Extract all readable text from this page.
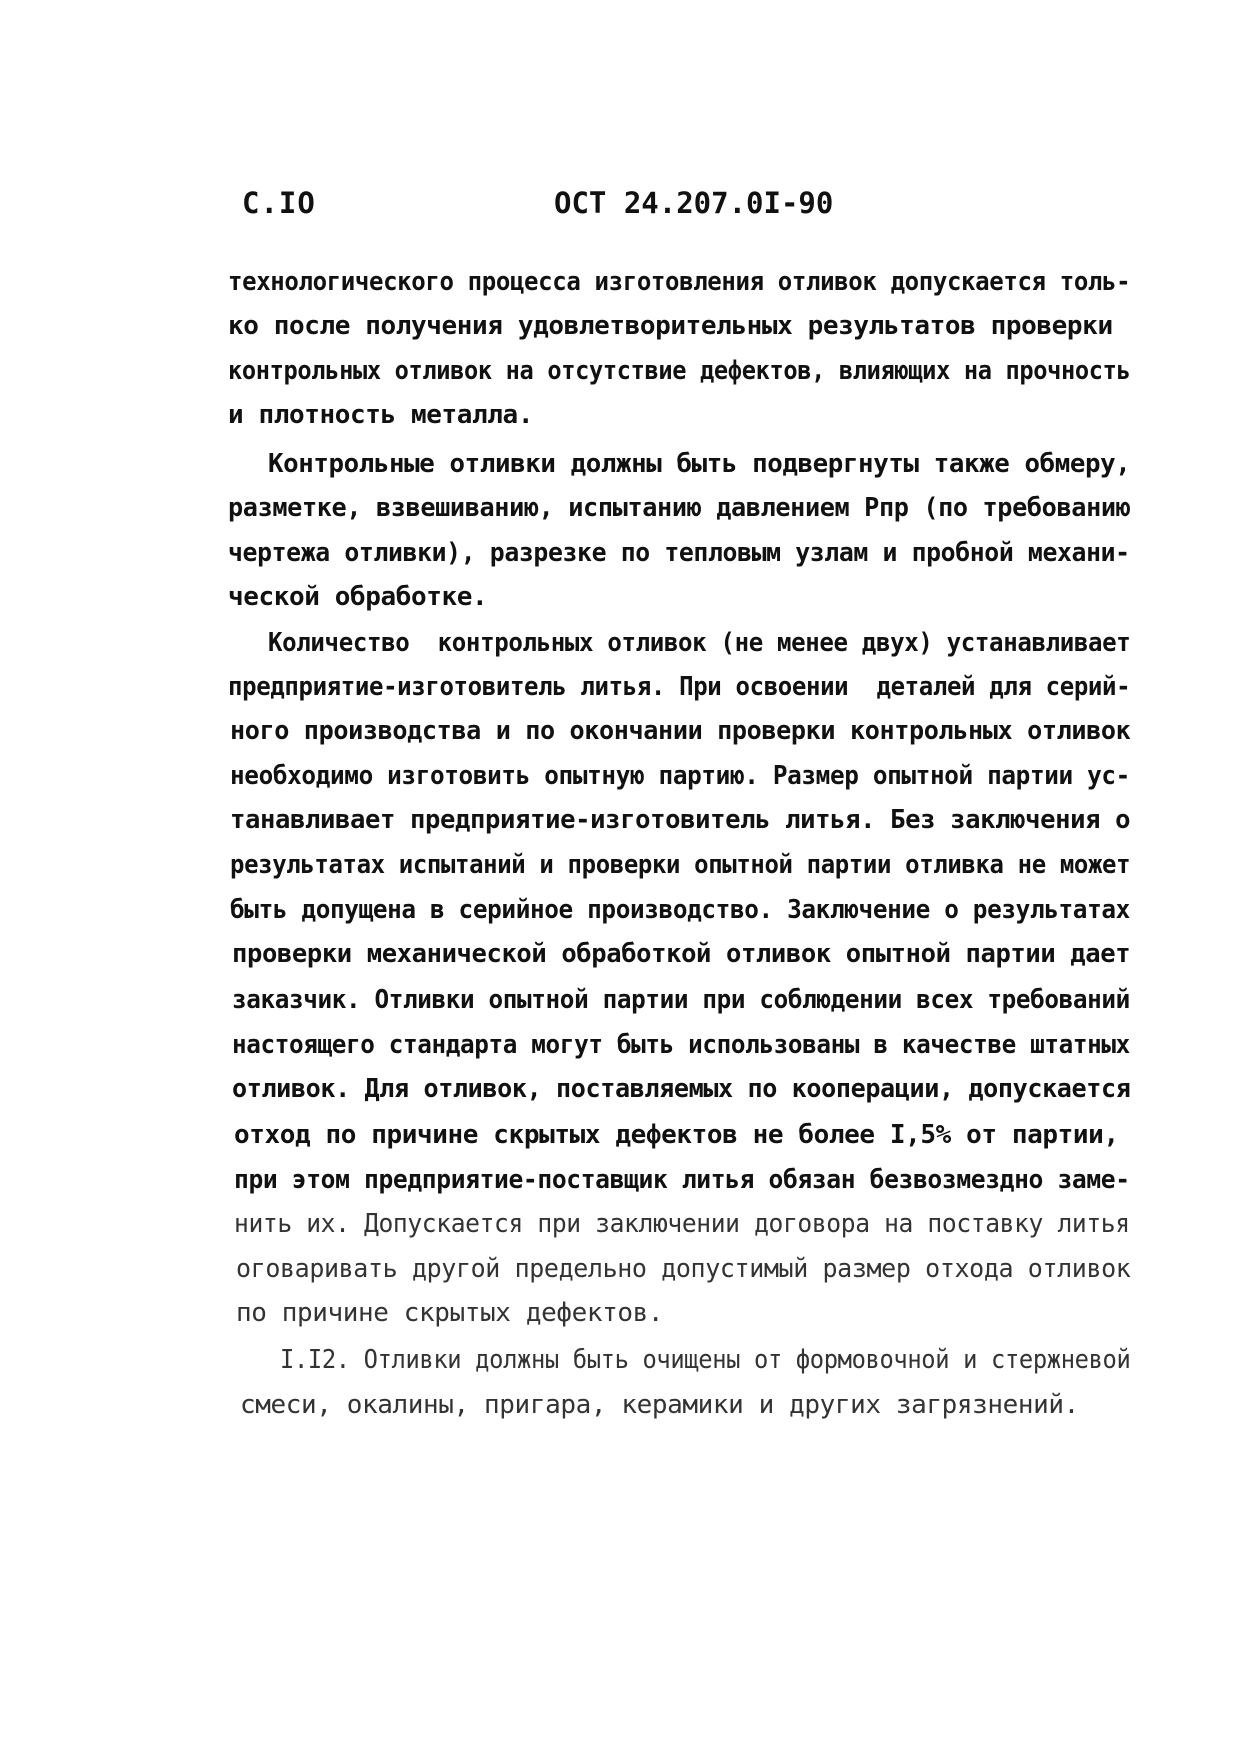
С.IO	ОСТ 24.207.0I-90
технологического процесса изготовления отливок допускается толь-
ко после получения удовлетворительных результатов проверки
контрольных отливок на отсутствие дефектов, влияющих на прочность
и плотность металла.
Контрольные отливки должны быть подвергнуты также обмеру,
разметке, взвешиванию, испытанию давлением Рпр (по требованию
чертежа отливки), разрезке по тепловым узлам и пробной механи-
ческой обработке.
Количество  контрольных отливок (не менее двух) устанавливает
предприятие-изготовитель литья. При освоении  деталей для серий-
ного производства и по окончании проверки контрольных отливок
необходимо изготовить опытную партию. Размер опытной партии ус-
танавливает предприятие-изготовитель литья. Без заключения о
результатах испытаний и проверки опытной партии отливка не может
быть допущена в серийное производство. Заключение о результатах
проверки механической обработкой отливок опытной партии дает
заказчик. Отливки опытной партии при соблюдении всех требований
настоящего стандарта могут быть использованы в качестве штатных
отливок. Для отливок, поставляемых по кооперации, допускается
отход по причине скрытых дефектов не более I,5% от партии,
при этом предприятие-поставщик литья обязан безвозмездно заме-
нить их. Допускается при заключении договора на поставку литья
оговаривать другой предельно допустимый размер отхода отливок
по причине скрытых дефектов.
I.I2. Отливки должны быть очищены от формовочной и стержневой
смеси, окалины, пригара, керамики и других загрязнений.
